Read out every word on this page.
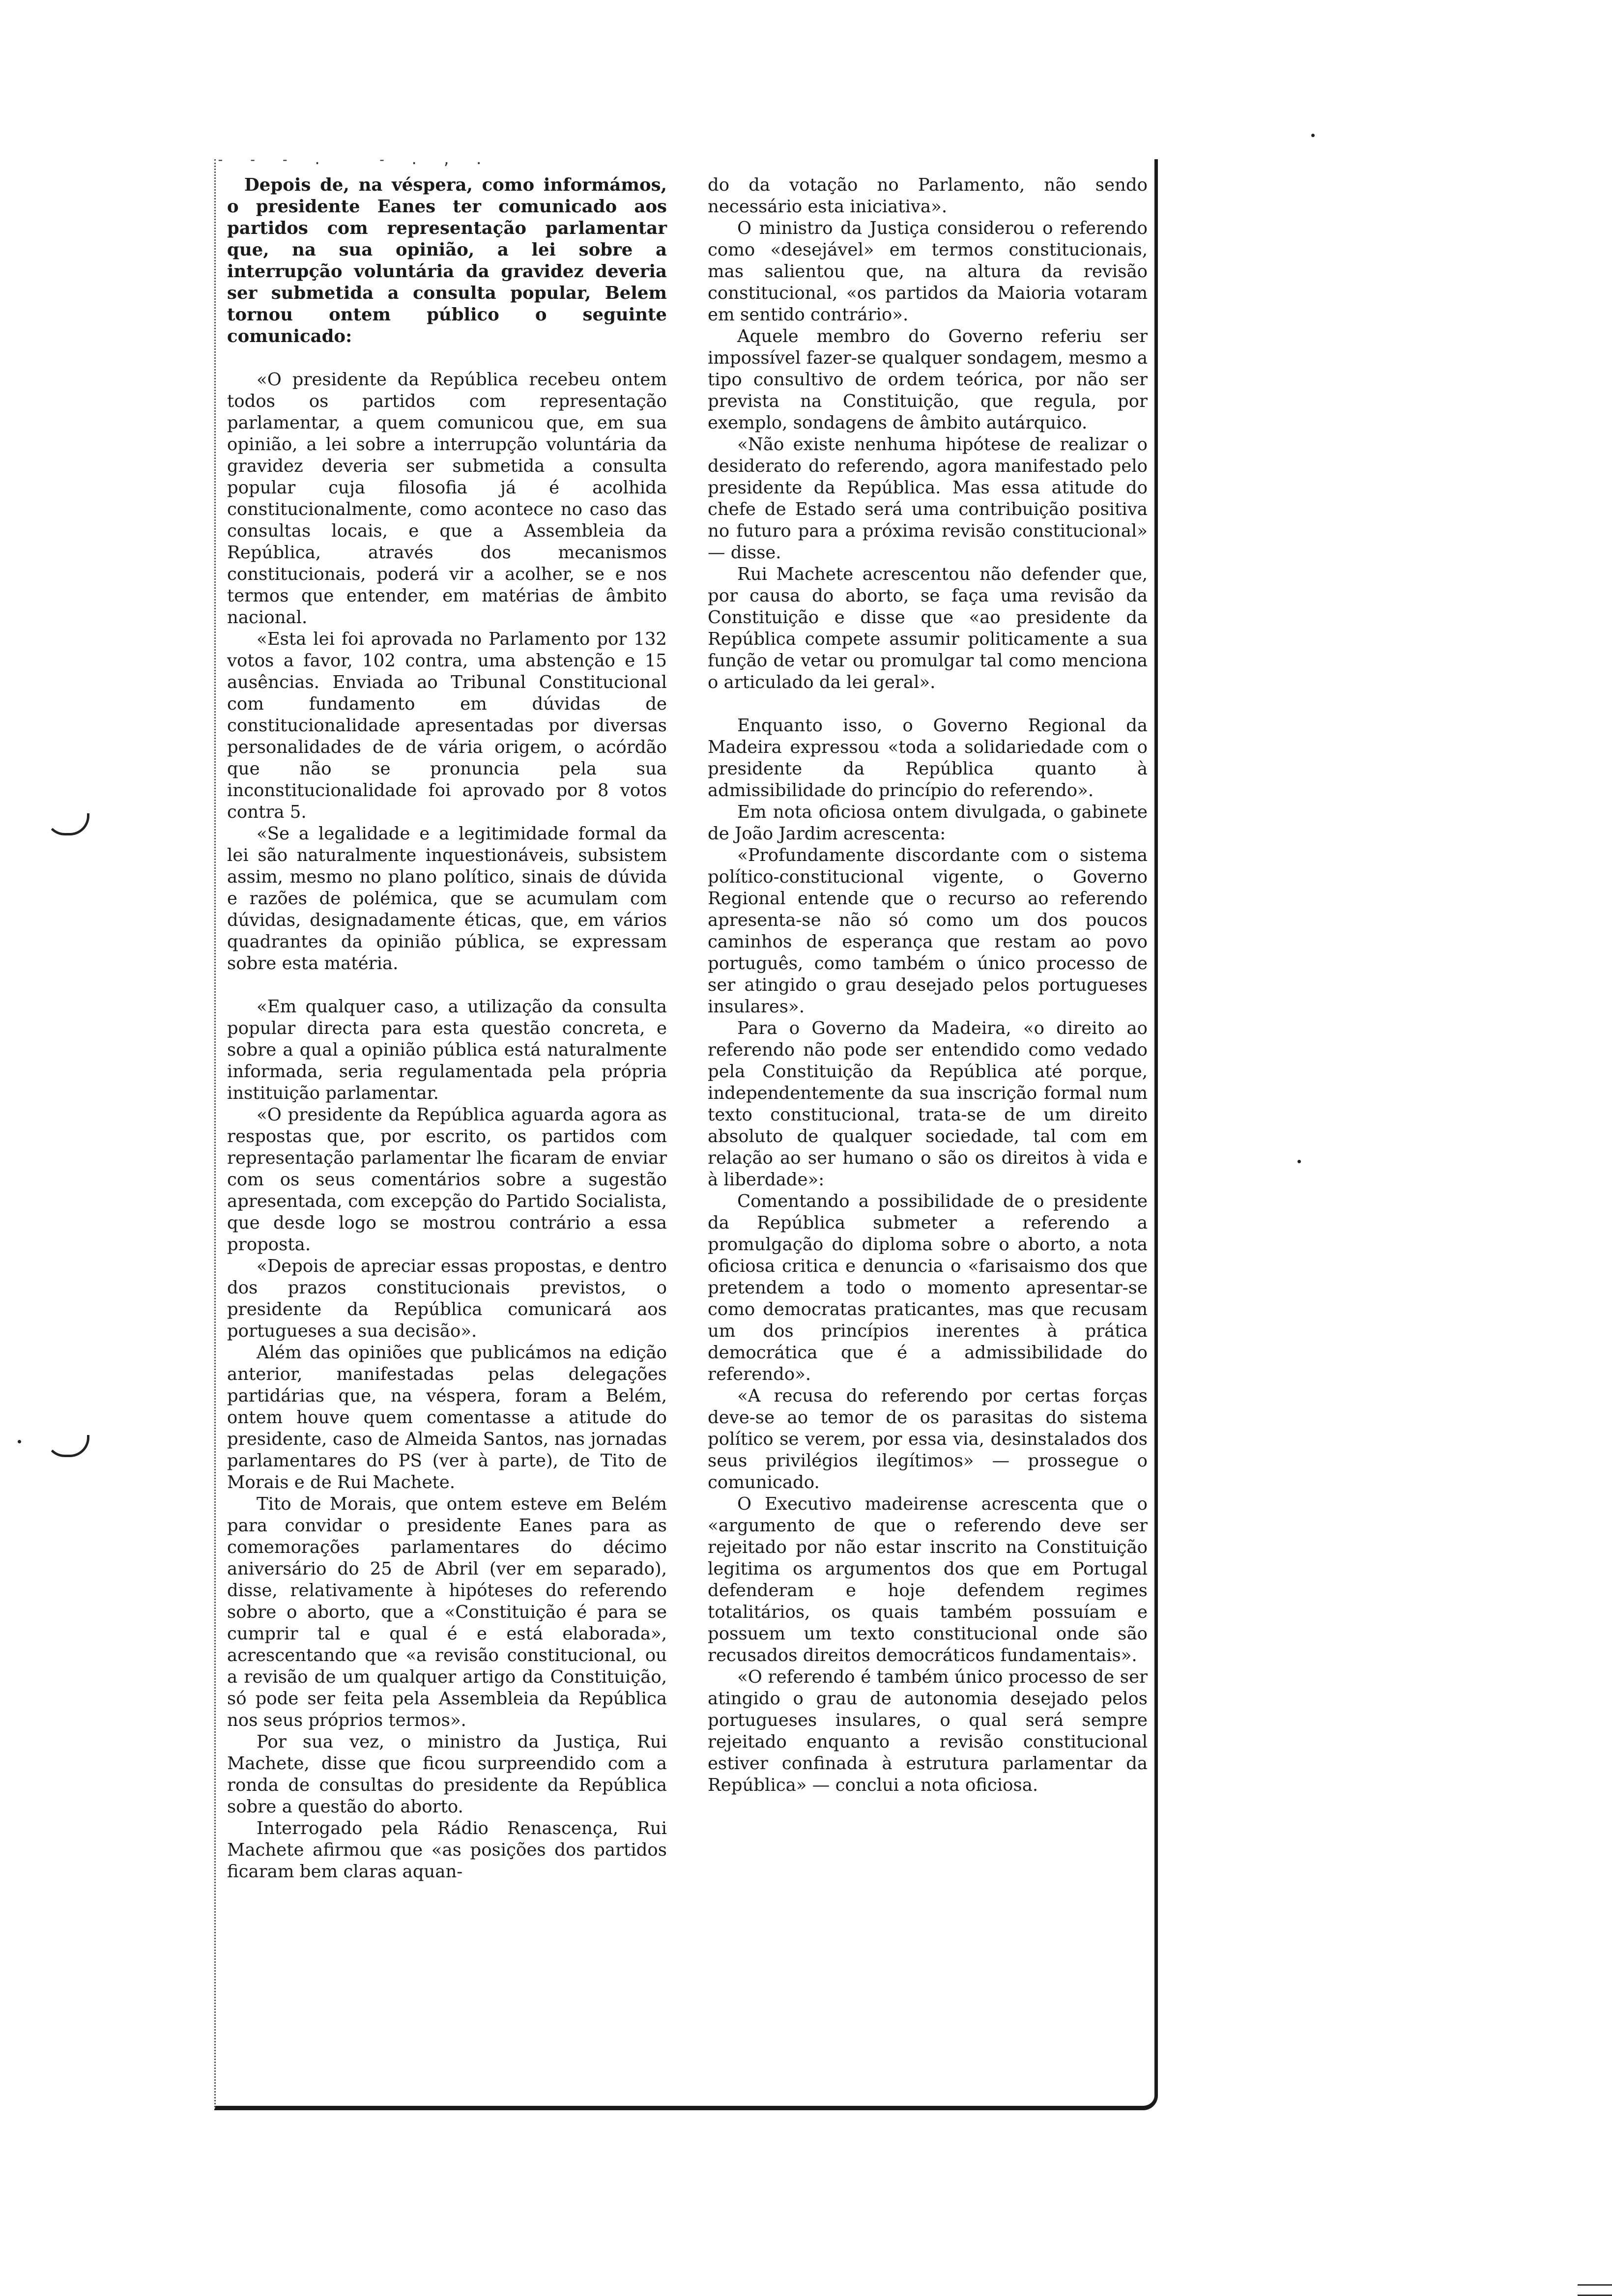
- - - .   - . , .

Depois de, na véspera, como informámos, o presidente Eanes ter comunicado aos partidos com representação parlamentar que, na sua opinião, a lei sobre a interrupção voluntária da gravidez deveria ser submetida a consulta popular, Belem tornou ontem público o seguinte comunicado:

«O presidente da República recebeu ontem todos os partidos com representação parlamentar, a quem comunicou que, em sua opinião, a lei sobre a interrupção voluntária da gravidez deveria ser submetida a consulta popular cuja filosofia já é acolhida constitucionalmente, como acontece no caso das consultas locais, e que a Assembleia da República, através dos mecanismos constitucionais, poderá vir a acolher, se e nos termos que entender, em matérias de âmbito nacional.

«Esta lei foi aprovada no Parlamento por 132 votos a favor, 102 contra, uma abstenção e 15 ausências. Enviada ao Tribunal Constitucional com fundamento em dúvidas de constitucionalidade apresentadas por diversas personalidades de de vária origem, o acórdão que não se pronuncia pela sua inconstitucionalidade foi aprovado por 8 votos contra 5.

«Se a legalidade e a legitimidade formal da lei são naturalmente inquestionáveis, subsistem assim, mesmo no plano político, sinais de dúvida e razões de polémica, que se acumulam com dúvidas, designadamente éticas, que, em vários quadrantes da opinião pública, se expressam sobre esta matéria.

«Em qualquer caso, a utilização da consulta popular directa para esta questão concreta, e sobre a qual a opinião pública está naturalmente informada, seria regulamentada pela própria instituição parlamentar.

«O presidente da República aguarda agora as respostas que, por escrito, os partidos com representação parlamentar lhe ficaram de enviar com os seus comentários sobre a sugestão apresentada, com excepção do Partido Socialista, que desde logo se mostrou contrário a essa proposta.

«Depois de apreciar essas propostas, e dentro dos prazos constitucionais previstos, o presidente da República comunicará aos portugueses a sua decisão».

Além das opiniões que publicámos na edição anterior, manifestadas pelas delegações partidárias que, na véspera, foram a Belém, ontem houve quem comentasse a atitude do presidente, caso de Almeida Santos, nas jornadas parlamentares do PS (ver à parte), de Tito de Morais e de Rui Machete.

Tito de Morais, que ontem esteve em Belém para convidar o presidente Eanes para as comemorações parlamentares do décimo aniversário do 25 de Abril (ver em separado), disse, relativamente à hipóteses do referendo sobre o aborto, que a «Constituição é para se cumprir tal e qual é e está elaborada», acrescentando que «a revisão constitucional, ou a revisão de um qualquer artigo da Constituição, só pode ser feita pela Assembleia da República nos seus próprios termos».

Por sua vez, o ministro da Justiça, Rui Machete, disse que ficou surpreendido com a ronda de consultas do presidente da República sobre a questão do aborto.

Interrogado pela Rádio Renascença, Rui Machete afirmou que «as posições dos partidos ficaram bem claras aquan-

do da votação no Parlamento, não sendo necessário esta iniciativa».

O ministro da Justiça considerou o referendo como «desejável» em termos constitucionais, mas salientou que, na altura da revisão constitucional, «os partidos da Maioria votaram em sentido contrário».

Aquele membro do Governo referiu ser impossível fazer-se qualquer sondagem, mesmo a tipo consultivo de ordem teórica, por não ser prevista na Constituição, que regula, por exemplo, sondagens de âmbito autárquico.

«Não existe nenhuma hipótese de realizar o desiderato do referendo, agora manifestado pelo presidente da República. Mas essa atitude do chefe de Estado será uma contribuição positiva no futuro para a próxima revisão constitucional» — disse.

Rui Machete acrescentou não defender que, por causa do aborto, se faça uma revisão da Constituição e disse que «ao presidente da República compete assumir politicamente a sua função de vetar ou promulgar tal como menciona o articulado da lei geral».

Enquanto isso, o Governo Regional da Madeira expressou «toda a solidariedade com o presidente da República quanto à admissibilidade do princípio do referendo».

Em nota oficiosa ontem divulgada, o gabinete de João Jardim acrescenta:

«Profundamente discordante com o sistema político-constitucional vigente, o Governo Regional entende que o recurso ao referendo apresenta-se não só como um dos poucos caminhos de esperança que restam ao povo português, como também o único processo de ser atingido o grau desejado pelos portugueses insulares».

Para o Governo da Madeira, «o direito ao referendo não pode ser entendido como vedado pela Constituição da República até porque, independentemente da sua inscrição formal num texto constitucional, trata-se de um direito absoluto de qualquer sociedade, tal com em relação ao ser humano o são os direitos à vida e à liberdade»:

Comentando a possibilidade de o presidente da República submeter a referendo a promulgação do diploma sobre o aborto, a nota oficiosa critica e denuncia o «farisaismo dos que pretendem a todo o momento apresentar-se como democratas praticantes, mas que recusam um dos princípios inerentes à prática democrática que é a admissibilidade do referendo».

«A recusa do referendo por certas forças deve-se ao temor de os parasitas do sistema político se verem, por essa via, desinstalados dos seus privilégios ilegítimos» — prossegue o comunicado.

O Executivo madeirense acrescenta que o «argumento de que o referendo deve ser rejeitado por não estar inscrito na Constituição legitima os argumentos dos que em Portugal defenderam e hoje defendem regimes totalitários, os quais também possuíam e possuem um texto constitucional onde são recusados direitos democráticos fundamentais».

«O referendo é também único processo de ser atingido o grau de autonomia desejado pelos portugueses insulares, o qual será sempre rejeitado enquanto a revisão constitucional estiver confinada à estrutura parlamentar da República» — conclui a nota oficiosa.
